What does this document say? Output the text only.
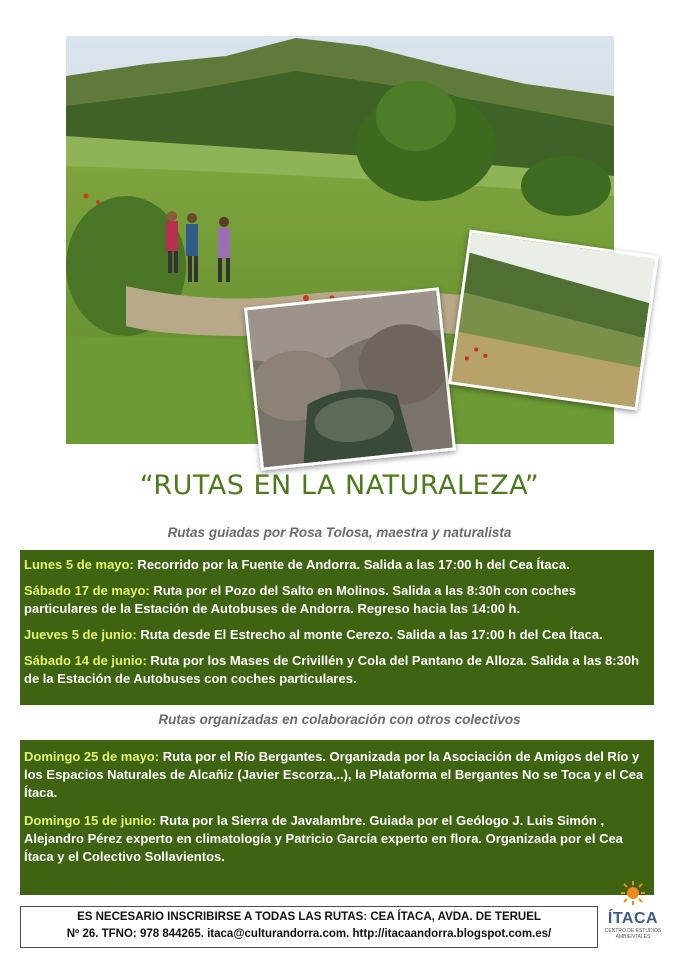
“RUTAS EN LA NATURALEZA”
Rutas guiadas por Rosa Tolosa, maestra y naturalista
Lunes 5 de mayo: Recorrido por la Fuente de Andorra. Salida a las 17:00 h del Cea Ítaca.
Sábado 17 de mayo: Ruta por el Pozo del Salto en Molinos. Salida a las 8:30h con coches particulares de la Estación de Autobuses de Andorra. Regreso hacia las 14:00 h.
Jueves 5 de junio: Ruta desde El Estrecho al monte Cerezo. Salida a las 17:00 h del Cea Ítaca.
Sábado 14 de junio: Ruta por los Mases de Crivillén y Cola del Pantano de Alloza. Salida a las 8:30h de la Estación de Autobuses con coches particulares.
Rutas organizadas en colaboración con otros colectivos
Domingo 25 de mayo: Ruta por el Río Bergantes. Organizada por la Asociación de Amigos del Río y los Espacios Naturales de Alcañiz (Javier Escorza,..), la Plataforma el Bergantes No se Toca y el Cea Ítaca.
Domingo 15 de junio: Ruta por la Sierra de Javalambre. Guiada por el Geólogo J. Luis Simón , Alejandro Pérez experto en climatología y Patricio García experto en flora. Organizada por el Cea Ítaca y el Colectivo Sollavientos.
ES NECESARIO INSCRIBIRSE A TODAS LAS RUTAS: CEA ÍTACA, AVDA. DE TERUEL
Nº 26. TFNO: 978 844265. itaca@culturandorra.com. http://itacaandorra.blogspot.com.es/
ÍTACA
CENTRO DE ESTUDIOS AMBIENTALES
